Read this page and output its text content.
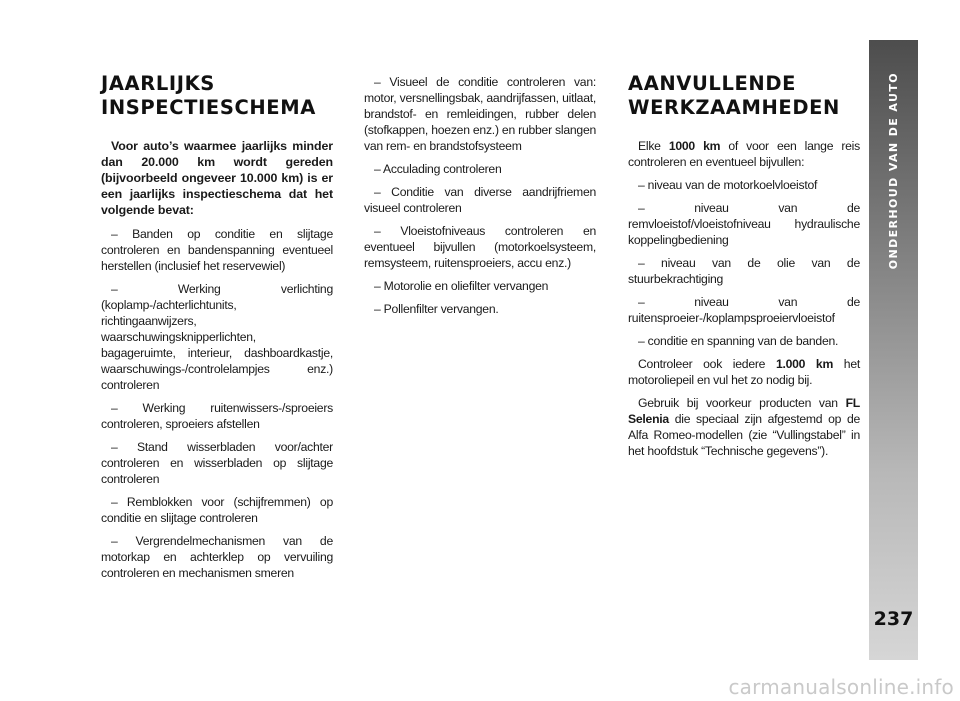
JAARLIJKS
INSPECTIESCHEMA

Voor auto’s waarmee jaarlijks minder dan 20.000 km wordt gereden (bijvoorbeeld ongeveer 10.000 km) is er een jaarlijks inspectieschema dat het volgende bevat:

– Banden op conditie en slijtage controleren en bandenspanning eventueel herstellen (inclusief het reservewiel)

– Werking verlichting (koplamp-/achterlichtunits, richtingaanwijzers, waarschuwingsknipperlichten, bagageruimte, interieur, dashboardkastje, waarschuwings-/controlelampjes enz.) controleren

– Werking ruitenwissers-/sproeiers controleren, sproeiers afstellen

– Stand wisserbladen voor/achter controleren en wisserbladen op slijtage controleren

– Remblokken voor (schijfremmen) op conditie en slijtage controleren

– Vergrendelmechanismen van de motorkap en achterklep op vervuiling controleren en mechanismen smeren

– Visueel de conditie controleren van: motor, versnellingsbak, aandrijfassen, uitlaat, brandstof- en remleidingen, rubber delen (stofkappen, hoezen enz.) en rubber slangen van rem- en brandstofsysteem

– Acculading controleren

– Conditie van diverse aandrijfriemen visueel controleren

– Vloeistofniveaus controleren en eventueel bijvullen (motorkoelsysteem, remsysteem, ruitensproeiers, accu enz.)

– Motorolie en oliefilter vervangen

– Pollenfilter vervangen.

AANVULLENDE
WERKZAAMHEDEN

Elke 1000 km of voor een lange reis controleren en eventueel bijvullen:

– niveau van de motorkoelvloeistof

– niveau van de remvloeistof/vloeistofniveau hydraulische koppelingbediening

– niveau van de olie van de stuurbekrachtiging

– niveau van de ruitensproeier-/koplampsproeiervloeistof

– conditie en spanning van de banden.

Controleer ook iedere 1.000 km het motoroliepeil en vul het zo nodig bij.

Gebruik bij voorkeur producten van FL Selenia die speciaal zijn afgestemd op de Alfa Romeo-modellen (zie “Vullingstabel” in het hoofdstuk “Technische gegevens”).

ONDERHOUD VAN DE AUTO
237
carmanualsonline.info
